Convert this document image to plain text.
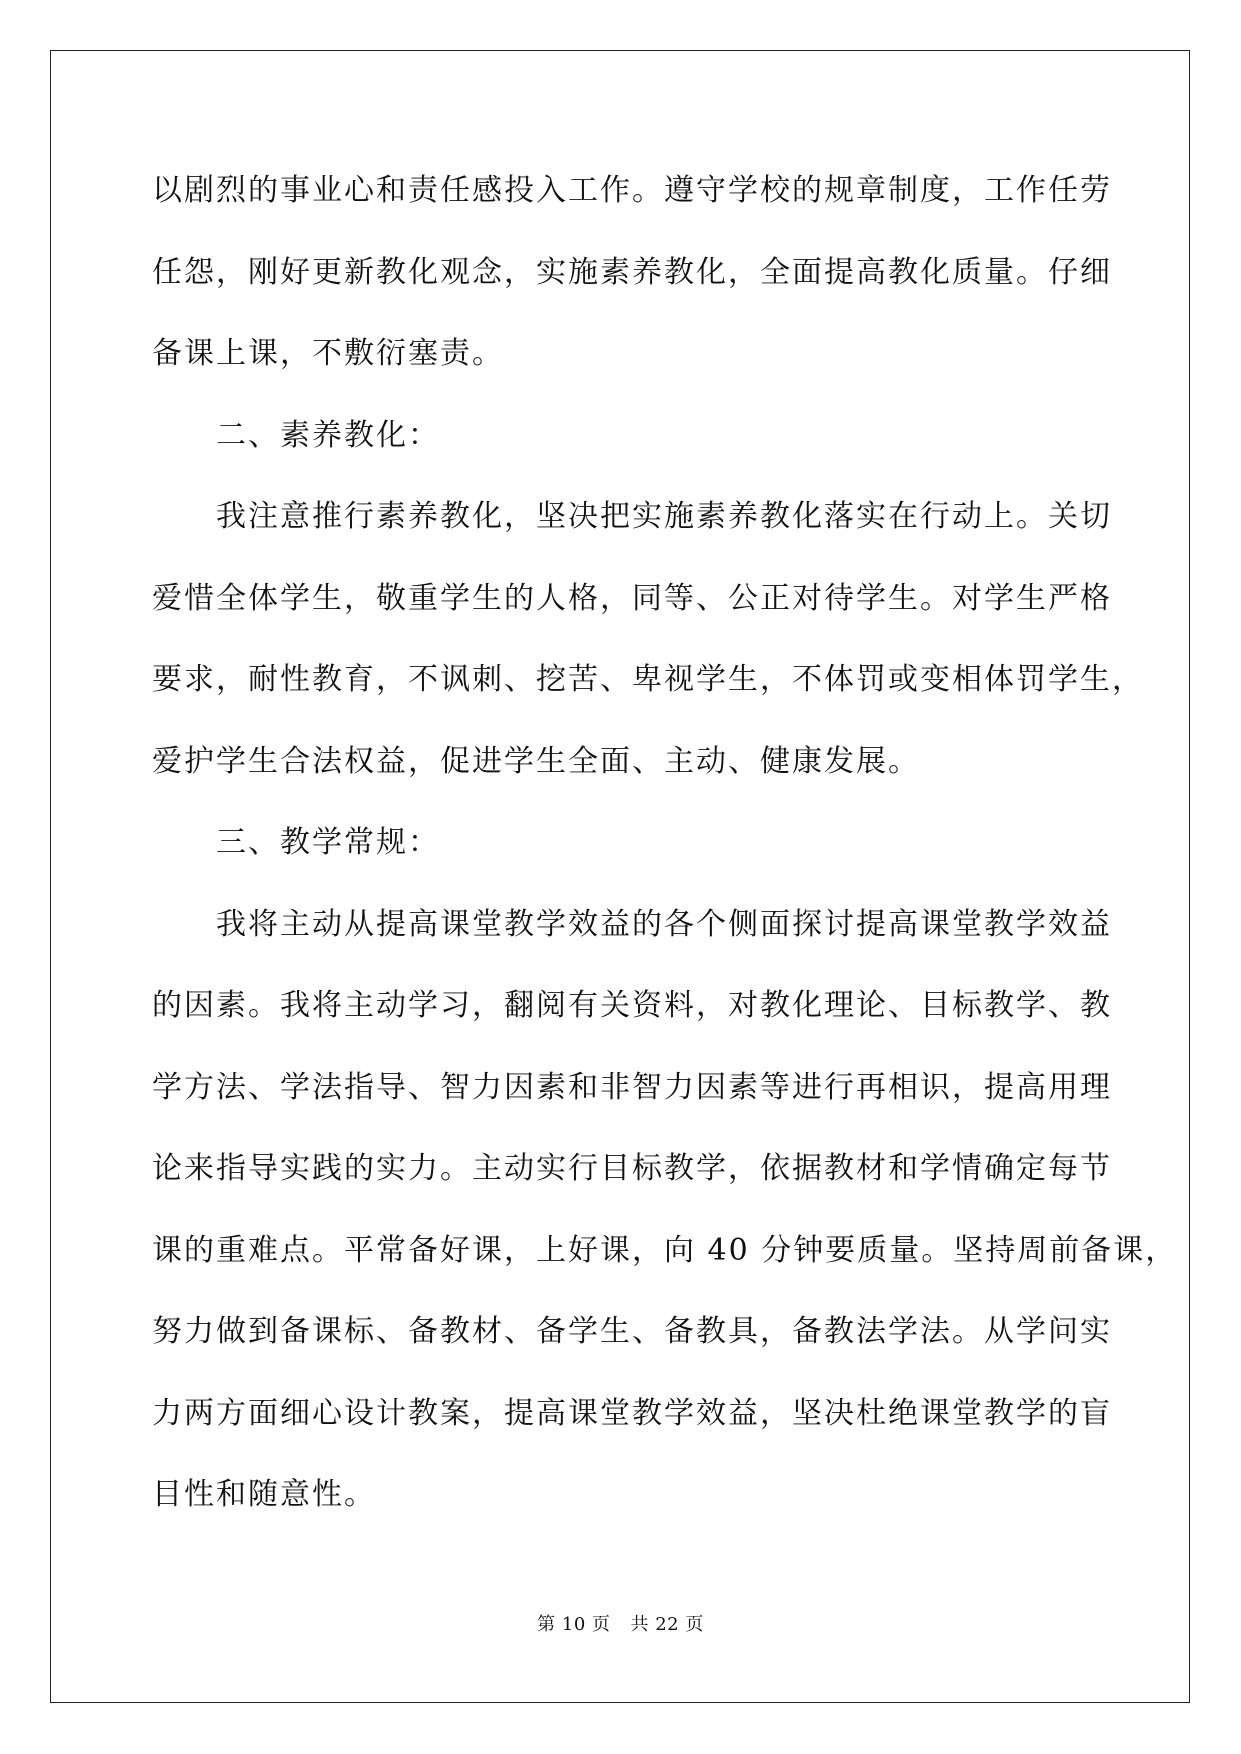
以剧烈的事业心和责任感投入工作。遵守学校的规章制度，工作任劳
任怨，刚好更新教化观念，实施素养教化，全面提高教化质量。仔细
备课上课，不敷衍塞责。
二、素养教化：
我注意推行素养教化，坚决把实施素养教化落实在行动上。关切
爱惜全体学生，敬重学生的人格，同等、公正对待学生。对学生严格
要求，耐性教育，不讽刺、挖苦、卑视学生，不体罚或变相体罚学生，
爱护学生合法权益，促进学生全面、主动、健康发展。
三、教学常规：
我将主动从提高课堂教学效益的各个侧面探讨提高课堂教学效益
的因素。我将主动学习，翻阅有关资料，对教化理论、目标教学、教
学方法、学法指导、智力因素和非智力因素等进行再相识，提高用理
论来指导实践的实力。主动实行目标教学，依据教材和学情确定每节
课的重难点。平常备好课，上好课，向 40 分钟要质量。坚持周前备课，
努力做到备课标、备教材、备学生、备教具，备教法学法。从学问实
力两方面细心设计教案，提高课堂教学效益，坚决杜绝课堂教学的盲
目性和随意性。
第 10 页 共 22 页
